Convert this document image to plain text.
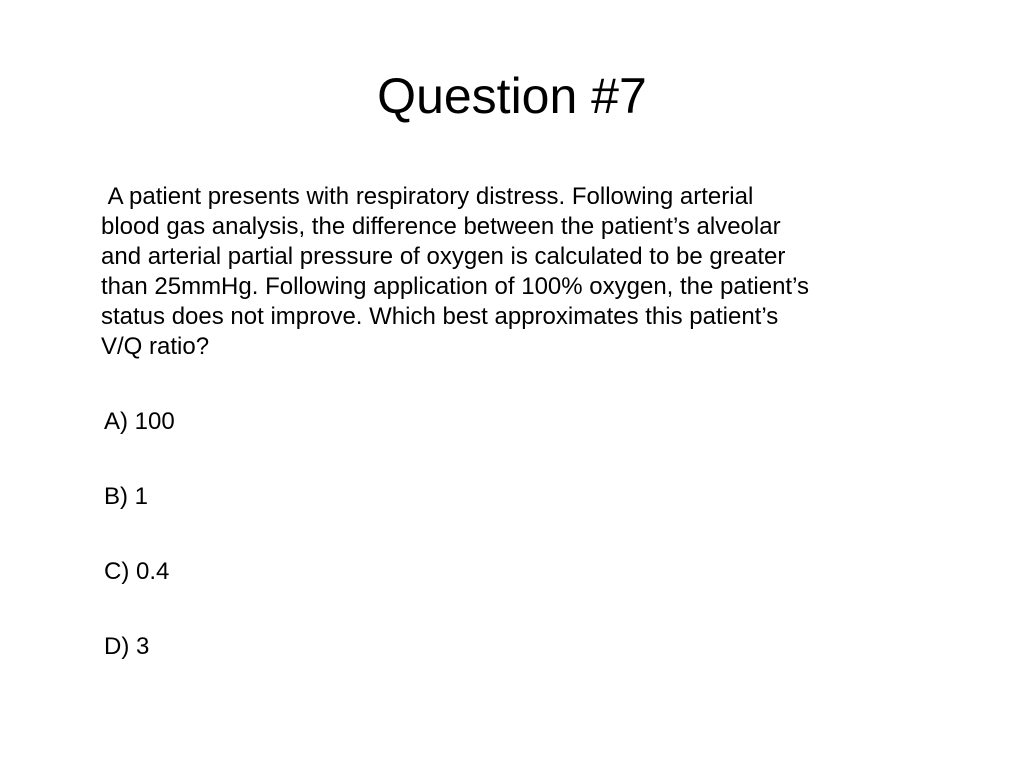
Question #7

A patient presents with respiratory distress. Following arterial
blood gas analysis, the difference between the patient’s alveolar
and arterial partial pressure of oxygen is calculated to be greater
than 25mmHg. Following application of 100% oxygen, the patient’s
status does not improve. Which best approximates this patient’s
V/Q ratio?

A) 100
B) 1
C) 0.4
D) 3
